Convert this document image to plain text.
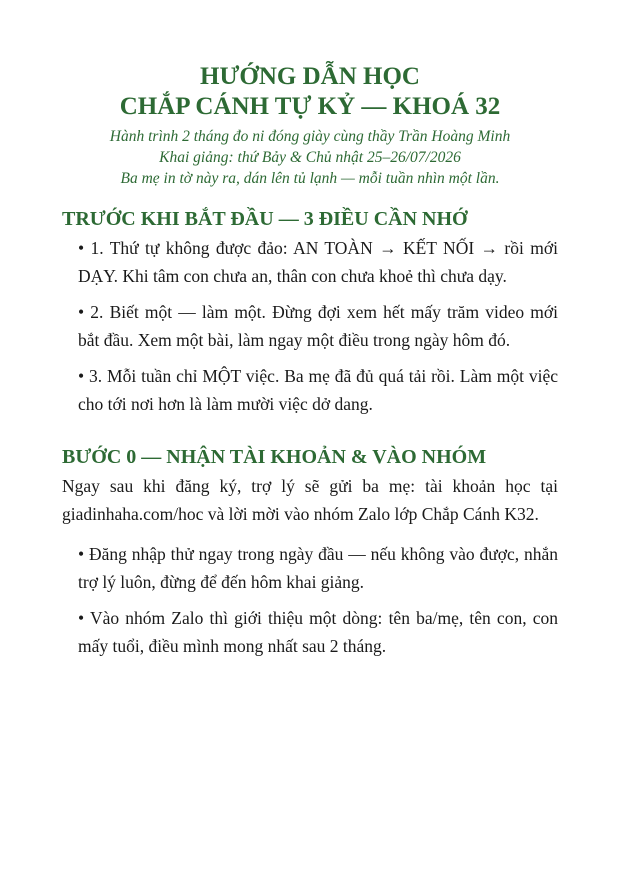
HƯỚNG DẪN HỌC
CHẮP CÁNH TỰ KỶ — KHOÁ 32

Hành trình 2 tháng đo ni đóng giày cùng thầy Trần Hoàng Minh

Khai giảng: thứ Bảy & Chủ nhật 25–26/07/2026

Ba mẹ in tờ này ra, dán lên tủ lạnh — mỗi tuần nhìn một lần.

TRƯỚC KHI BẮT ĐẦU — 3 ĐIỀU CẦN NHỚ
• 1. Thứ tự không được đảo: AN TOÀN → KẾT NỐI → rồi mới DẠY. Khi tâm con chưa an, thân con chưa khoẻ thì chưa dạy.
• 2. Biết một — làm một. Đừng đợi xem hết mấy trăm video mới bắt đầu. Xem một bài, làm ngay một điều trong ngày hôm đó.
• 3. Mỗi tuần chỉ MỘT việc. Ba mẹ đã đủ quá tải rồi. Làm một việc cho tới nơi hơn là làm mười việc dở dang.
BƯỚC 0 — NHẬN TÀI KHOẢN & VÀO NHÓM

Ngay sau khi đăng ký, trợ lý sẽ gửi ba mẹ: tài khoản học tại giadinhaha.com/hoc và lời mời vào nhóm Zalo lớp Chắp Cánh K32.

• Đăng nhập thử ngay trong ngày đầu — nếu không vào được, nhắn trợ lý luôn, đừng để đến hôm khai giảng.
• Vào nhóm Zalo thì giới thiệu một dòng: tên ba/mẹ, tên con, con mấy tuổi, điều mình mong nhất sau 2 tháng.
